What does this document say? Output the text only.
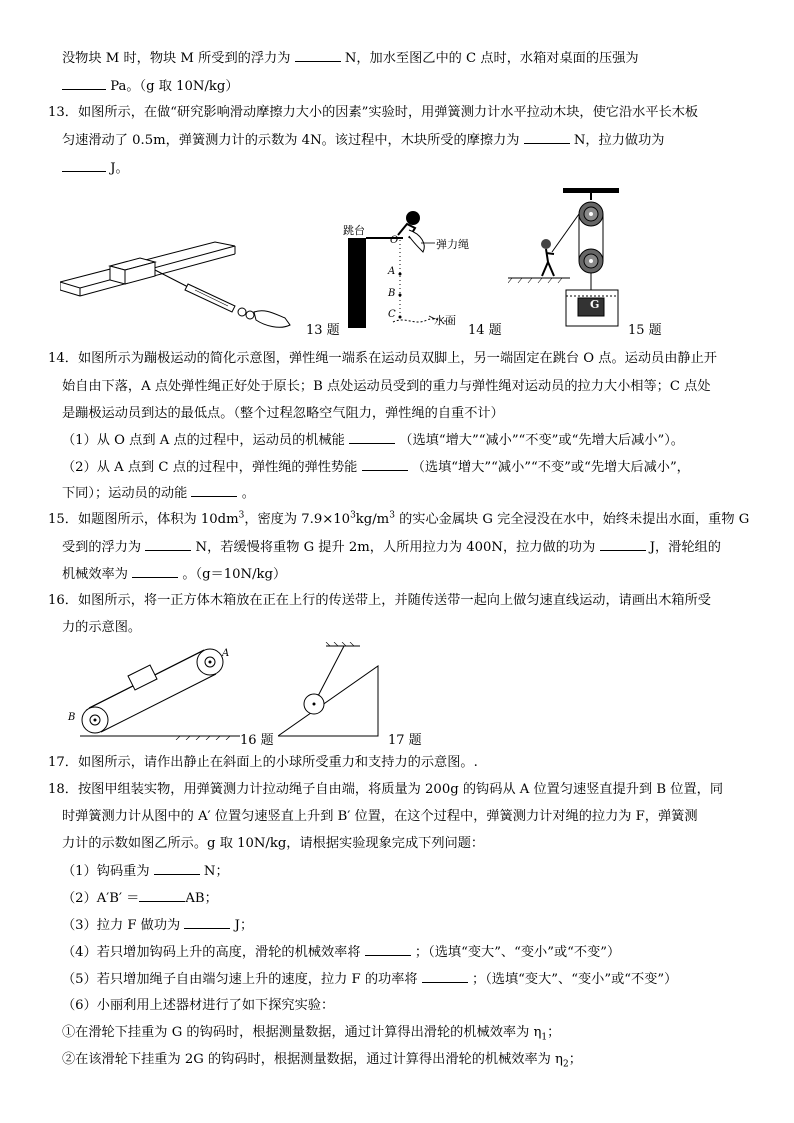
没物块 M 时，物块 M 所受到的浮力为	N，加水至图乙中的 C 点时，水箱对桌面的压强为
Pa。（g 取 10N/kg）
13．如图所示，在做“研究影响滑动摩擦力大小的因素”实验时，用弹簧测力计水平拉动木块，使它沿水平长木板
匀速滑动了 0.5m，弹簧测力计的示数为 4N。该过程中，木块所受的摩擦力为	N，拉力做功为
J。
13 题
跳台
O	弹力绳
A
B
C	水面
14 题
G
15 题
14．如图所示为蹦极运动的简化示意图，弹性绳一端系在运动员双脚上，另一端固定在跳台 O 点。运动员由静止开
始自由下落，A 点处弹性绳正好处于原长；B 点处运动员受到的重力与弹性绳对运动员的拉力大小相等；C 点处
是蹦极运动员到达的最低点。（整个过程忽略空气阻力，弹性绳的自重不计）
（1）从 O 点到 A 点的过程中，运动员的机械能	（选填“增大”“减小”“不变”或“先增大后减小”）。
（2）从 A 点到 C 点的过程中，弹性绳的弹性势能	（选填“增大”“减小”“不变”或“先增大后减小”，
下同）；运动员的动能	。
15．如题图所示，体积为 $10dm^3$，密度为 $7.9\times 10^3kg/m^3$ 的实心金属块 G 完全浸没在水中，始终未提出水面，重物 G
受到的浮力为	N，若缓慢将重物 G 提升 2m，人所用拉力为 400N，拉力做的功为	J，滑轮组的
机械效率为	。（g＝10N/kg）
16．如图所示，将一正方体木箱放在正在上行的传送带上，并随传送带一起向上做匀速直线运动，请画出木箱所受
力的示意图。
A
B
16 题	17 题
17．如图所示，请作出静止在斜面上的小球所受重力和支持力的示意图。.
18．按图甲组装实物，用弹簧测力计拉动绳子自由端，将质量为 200g 的钩码从 A 位置匀速竖直提升到 B 位置，同
时弹簧测力计从图中的 A′ 位置匀速竖直上升到 B′ 位置，在这个过程中，弹簧测力计对绳的拉力为 F，弹簧测
力计的示数如图乙所示。g 取 10N/kg，请根据实验现象完成下列问题：
（1）钩码重为	N；
（2）A′B′ ＝	AB；
（3）拉力 F 做功为	J；
（4）若只增加钩码上升的高度，滑轮的机械效率将	；（选填“变大”、“变小”或“不变”）
（5）若只增加绳子自由端匀速上升的速度，拉力 F 的功率将	；（选填“变大”、“变小”或“不变”）
（6）小丽利用上述器材进行了如下探究实验：
①在滑轮下挂重为 G 的钩码时，根据测量数据，通过计算得出滑轮的机械效率为 $\eta_1$；
②在该滑轮下挂重为 2G 的钩码时，根据测量数据，通过计算得出滑轮的机械效率为 $\eta_2$；
